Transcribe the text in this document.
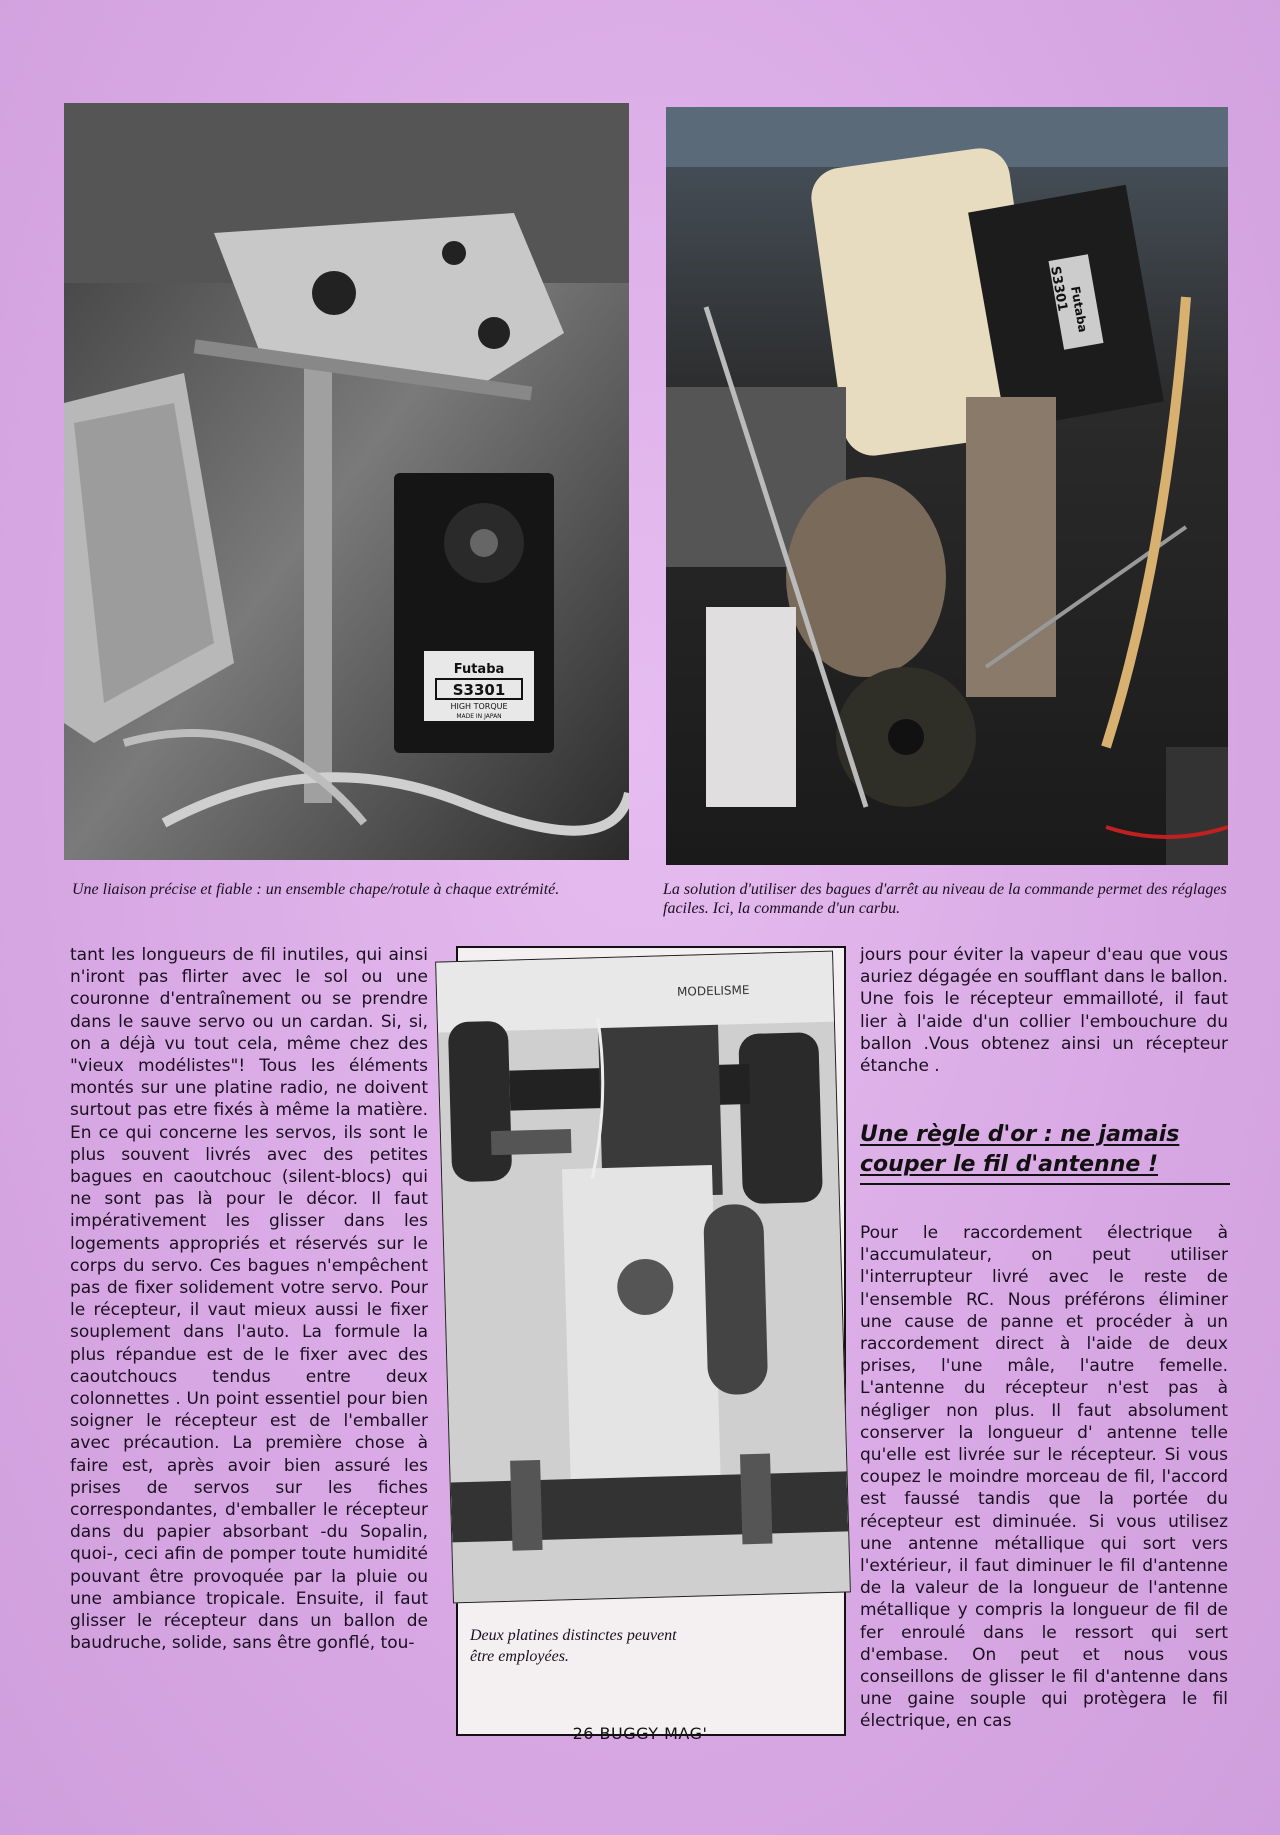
Futaba
S3301
HIGH TORQUE
MADE IN JAPAN
Futaba
S3301

Une liaison précise et fiable : un ensemble chape/rotule à chaque extrémité.	La solution d'utiliser des bagues d'arrêt au niveau de la commande permet des réglages faciles. Ici, la commande d'un carbu.

tant les longueurs de fil inutiles, qui ainsi n'iront pas flirter avec le sol ou une couronne d'entraînement ou se prendre dans le sauve servo ou un cardan. Si, si, on a déjà vu tout cela, même chez des "vieux modélistes"! Tous les éléments montés sur une platine radio, ne doivent surtout pas etre fixés à même la matière. En ce qui concerne les servos, ils sont le plus souvent livrés avec des petites bagues en caoutchouc (silent-blocs) qui ne sont pas là pour le décor. Il faut impérativement les glisser dans les logements appropriés et réservés sur le corps du servo. Ces bagues n'empêchent pas de fixer solidement votre servo. Pour le récepteur, il vaut mieux aussi le fixer souplement dans l'auto. La formule la plus répandue est de le fixer avec des caoutchoucs tendus entre deux colonnettes . Un point essentiel pour bien soigner le récepteur est de l'emballer avec précaution. La première chose à faire est, après avoir bien assuré les prises de servos sur les fiches correspondantes, d'emballer le récepteur dans du papier absorbant -du Sopalin, quoi-, ceci afin de pomper toute humidité pouvant être provoquée par la pluie ou une ambiance tropicale. Ensuite, il faut glisser le récepteur dans un ballon de baudruche, solide, sans être gonflé, tou-

MODELISME

Deux platines distinctes peuvent être employées.

jours pour éviter la vapeur d'eau que vous auriez dégagée en soufflant dans le ballon. Une fois le récepteur emmailloté, il faut lier à l'aide d'un collier l'embouchure du ballon .Vous obtenez ainsi un récepteur étanche .

Une règle d'or : ne jamais
couper le fil d'antenne !

Pour le raccordement électrique à l'accumulateur, on peut utiliser l'interrupteur livré avec le reste de l'ensemble RC. Nous préférons éliminer une cause de panne et procéder à un raccordement direct à l'aide de deux prises, l'une mâle, l'autre femelle. L'antenne du récepteur n'est pas à négliger non plus. Il faut absolument conserver la longueur d' antenne telle qu'elle est livrée sur le récepteur. Si vous coupez le moindre morceau de fil, l'accord est faussé tandis que la portée du récepteur est diminuée. Si vous utilisez une antenne métallique qui sort vers l'extérieur, il faut diminuer le fil d'antenne de la valeur de la longueur de l'antenne métallique y compris la longueur de fil de fer enroulé dans le ressort qui sert d'embase. On peut et nous vous conseillons de glisser le fil d'antenne dans une gaine souple qui protègera le fil électrique, en cas

26 BUGGY MAG'
